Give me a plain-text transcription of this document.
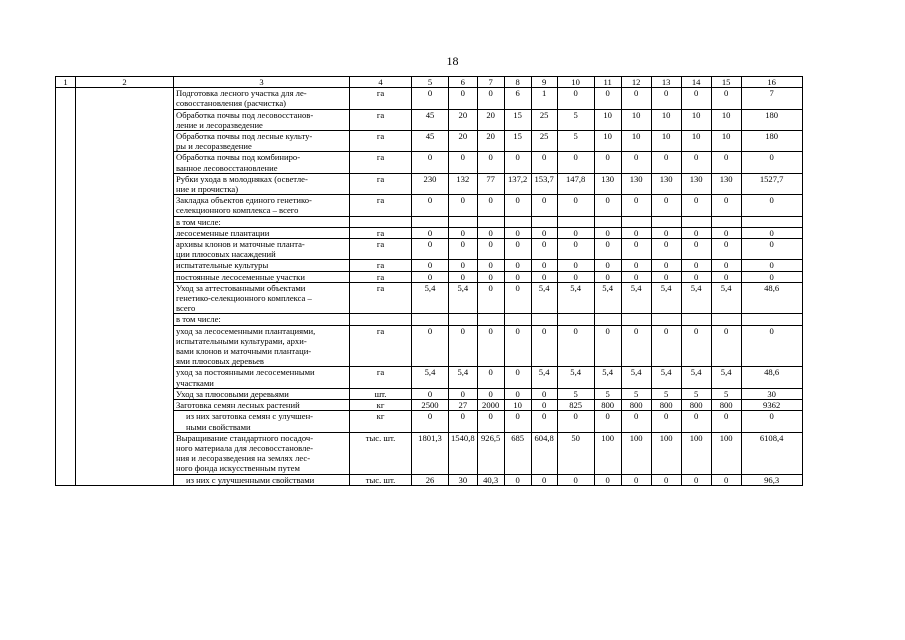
18
1	2	3	4	5	6	7	8	9	10	11	12	13	14	15	16
		Подготовка лесного участка для ле-
совосстановления (расчистка)	га	0	0	0	6	1	0	0	0	0	0	0	7
		Обработка почвы под лесовосстанов-
ление и лесоразведение	га	45	20	20	15	25	5	10	10	10	10	10	180
		Обработка почвы под лесные культу-
ры и лесоразведение	га	45	20	20	15	25	5	10	10	10	10	10	180
		Обработка почвы под комбиниро-
ванное лесовосстановление	га	0	0	0	0	0	0	0	0	0	0	0	0
		Рубки ухода в молодняках (осветле-
ние и прочистка)	га	230	132	77	137,2	153,7	147,8	130	130	130	130	130	1527,7
		Закладка объектов единого генетико-
селекционного комплекса – всего	га	0	0	0	0	0	0	0	0	0	0	0	0
		в том числе:													
		лесосеменные плантации	га	0	0	0	0	0	0	0	0	0	0	0	0
		архивы клонов и маточные планта-
ции плюсовых насаждений	га	0	0	0	0	0	0	0	0	0	0	0	0
		испытательные культуры	га	0	0	0	0	0	0	0	0	0	0	0	0
		постоянные лесосеменные участки	га	0	0	0	0	0	0	0	0	0	0	0	0
		Уход за аттестованными объектами
генетико-селекционного комплекса –
всего	га	5,4	5,4	0	0	5,4	5,4	5,4	5,4	5,4	5,4	5,4	48,6
		в том числе:													
		уход за лесосеменными плантациями,
испытательными культурами, архи-
вами клонов и маточными плантаци-
ями плюсовых деревьев	га	0	0	0	0	0	0	0	0	0	0	0	0
		уход за постоянными лесосеменными
участками	га	5,4	5,4	0	0	5,4	5,4	5,4	5,4	5,4	5,4	5,4	48,6
		Уход за плюсовыми деревьями	шт.	0	0	0	0	0	5	5	5	5	5	5	30
		Заготовка семян лесных растений	кг	2500	27	2000	10	0	825	800	800	800	800	800	9362
		из них заготовка семян с улучшен-
ными свойствами	кг	0	0	0	0	0	0	0	0	0	0	0	0
		Выращивание стандартного посадоч-
ного материала для лесовосстановле-
ния и лесоразведения на землях лес-
ного фонда искусственным путем	тыс. шт.	1801,3	1540,8	926,5	685	604,8	50	100	100	100	100	100	6108,4
		из них с улучшенными свойствами	тыс. шт.	26	30	40,3	0	0	0	0	0	0	0	0	96,3
